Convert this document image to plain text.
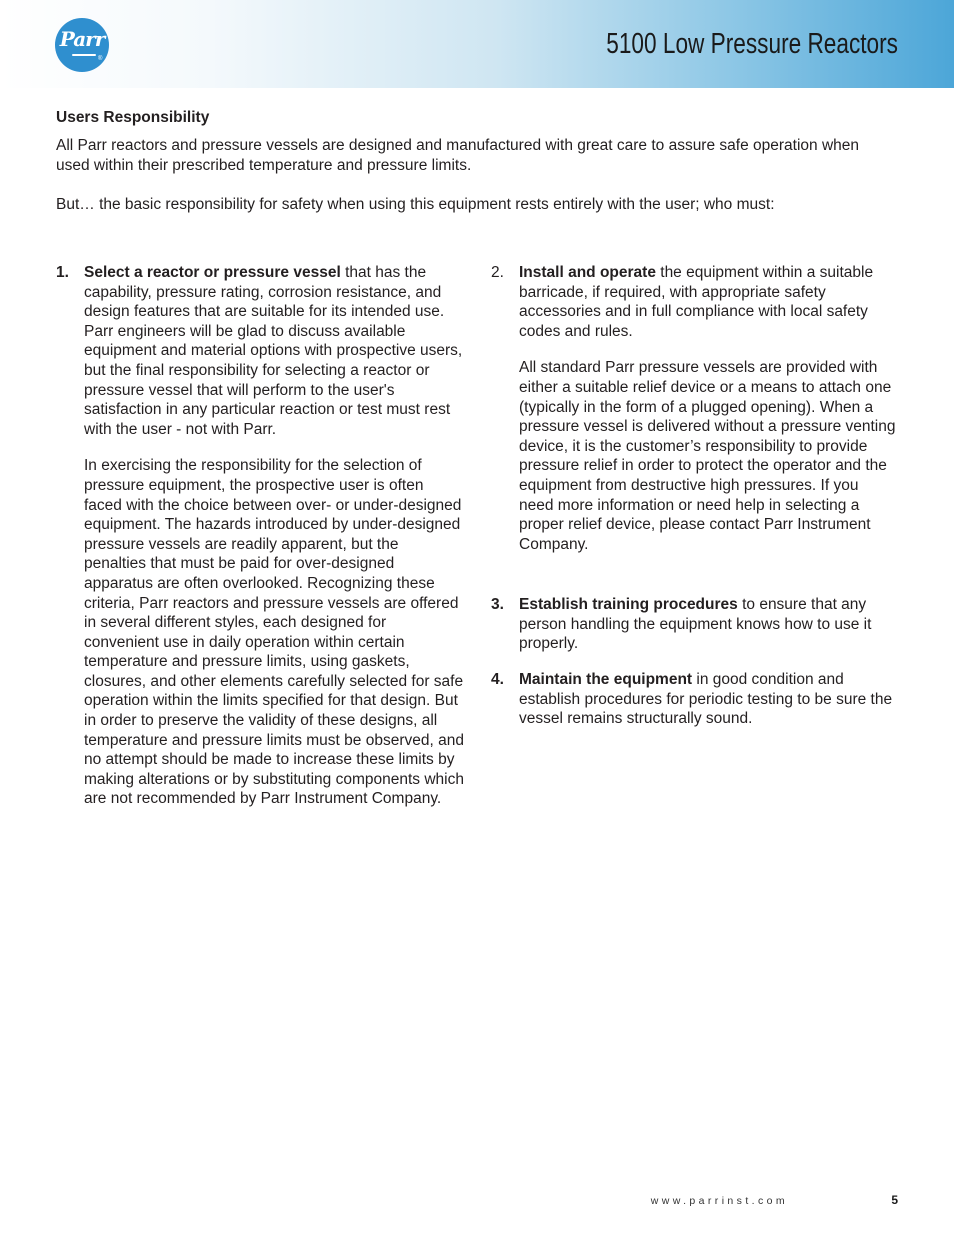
Parr
®	5100 Low Pressure Reactors
Users Responsibility

All Parr reactors and pressure vessels are designed and manufactured with great care to assure safe operation when used within their prescribed temperature and pressure limits.

But… the basic responsibility for safety when using this equipment rests entirely with the user; who must:

1. Select a reactor or pressure vessel that has the capability, pressure rating, corrosion resistance, and design features that are suitable for its intended use. Parr engineers will be glad to discuss available equipment and material options with prospective users, but the final responsibility for selecting a reactor or pressure vessel that will perform to the user's satisfaction in any particular reaction or test must rest with the user - not with Parr.

In exercising the responsibility for the selection of pressure equipment, the prospective user is often faced with the choice between over- or under-designed equipment. The hazards introduced by under-designed pressure vessels are readily apparent, but the penalties that must be paid for over-designed apparatus are often overlooked. Recognizing these criteria, Parr reactors and pressure vessels are offered in several different styles, each designed for convenient use in daily operation within certain temperature and pressure limits, using gaskets, closures, and other elements carefully selected for safe operation within the limits specified for that design. But in order to preserve the validity of these designs, all temperature and pressure limits must be observed, and no attempt should be made to increase these limits by making alterations or by substituting components which are not recommended by Parr Instrument Company.

2. Install and operate the equipment within a suitable barricade, if required, with appropriate safety accessories and in full compliance with local safety codes and rules.

All standard Parr pressure vessels are provided with either a suitable relief device or a means to attach one (typically in the form of a plugged opening). When a pressure vessel is delivered without a pressure venting device, it is the customer’s responsibility to provide pressure relief in order to protect the operator and the equipment from destructive high pressures. If you need more information or need help in selecting a proper relief device, please contact Parr Instrument Company.

3. Establish training procedures to ensure that any person handling the equipment knows how to use it properly.

4. Maintain the equipment in good condition and establish procedures for periodic testing to be sure the vessel remains structurally sound.

www.parrinst.com	5
